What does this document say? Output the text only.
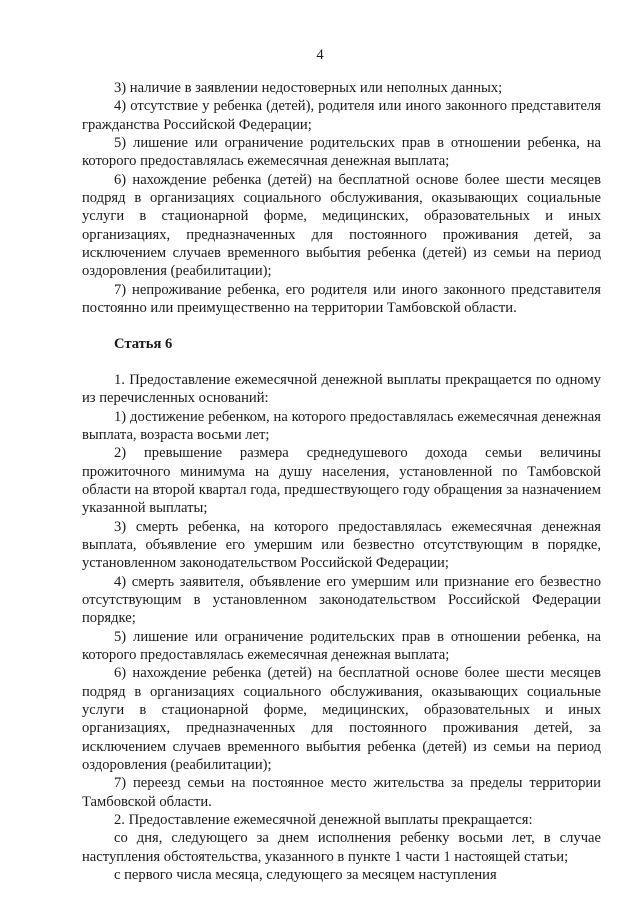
4

3) наличие в заявлении недостоверных или неполных данных;

4) отсутствие у ребенка (детей), родителя или иного законного представителя гражданства Российской Федерации;

5) лишение или ограничение родительских прав в отношении ребенка, на которого предоставлялась ежемесячная денежная выплата;

6) нахождение ребенка (детей) на бесплатной основе более шести месяцев подряд в организациях социального обслуживания, оказывающих социальные услуги в стационарной форме, медицинских, образовательных и иных организациях, предназначенных для постоянного проживания детей, за исключением случаев временного выбытия ребенка (детей) из семьи на период оздоровления (реабилитации);

7) непроживание ребенка, его родителя или иного законного представителя постоянно или преимущественно на территории Тамбовской области.

Статья 6

1. Предоставление ежемесячной денежной выплаты прекращается по одному из перечисленных оснований:

1) достижение ребенком, на которого предоставлялась ежемесячная денежная выплата, возраста восьми лет;

2) превышение размера среднедушевого дохода семьи величины прожиточного минимума на душу населения, установленной по Тамбовской области на второй квартал года, предшествующего году обращения за назначением указанной выплаты;

3) смерть ребенка, на которого предоставлялась ежемесячная денежная выплата, объявление его умершим или безвестно отсутствующим в порядке, установленном законодательством Российской Федерации;

4) смерть заявителя, объявление его умершим или признание его безвестно отсутствующим в установленном законодательством Российской Федерации порядке;

5) лишение или ограничение родительских прав в отношении ребенка, на которого предоставлялась ежемесячная денежная выплата;

6) нахождение ребенка (детей) на бесплатной основе более шести месяцев подряд в организациях социального обслуживания, оказывающих социальные услуги в стационарной форме, медицинских, образовательных и иных организациях, предназначенных для постоянного проживания детей, за исключением случаев временного выбытия ребенка (детей) из семьи на период оздоровления (реабилитации);

7) переезд семьи на постоянное место жительства за пределы территории Тамбовской области.

2. Предоставление ежемесячной денежной выплаты прекращается:

со дня, следующего за днем исполнения ребенку восьми лет, в случае наступления обстоятельства, указанного в пункте 1 части 1 настоящей статьи;

с первого числа месяца, следующего за месяцем наступления
